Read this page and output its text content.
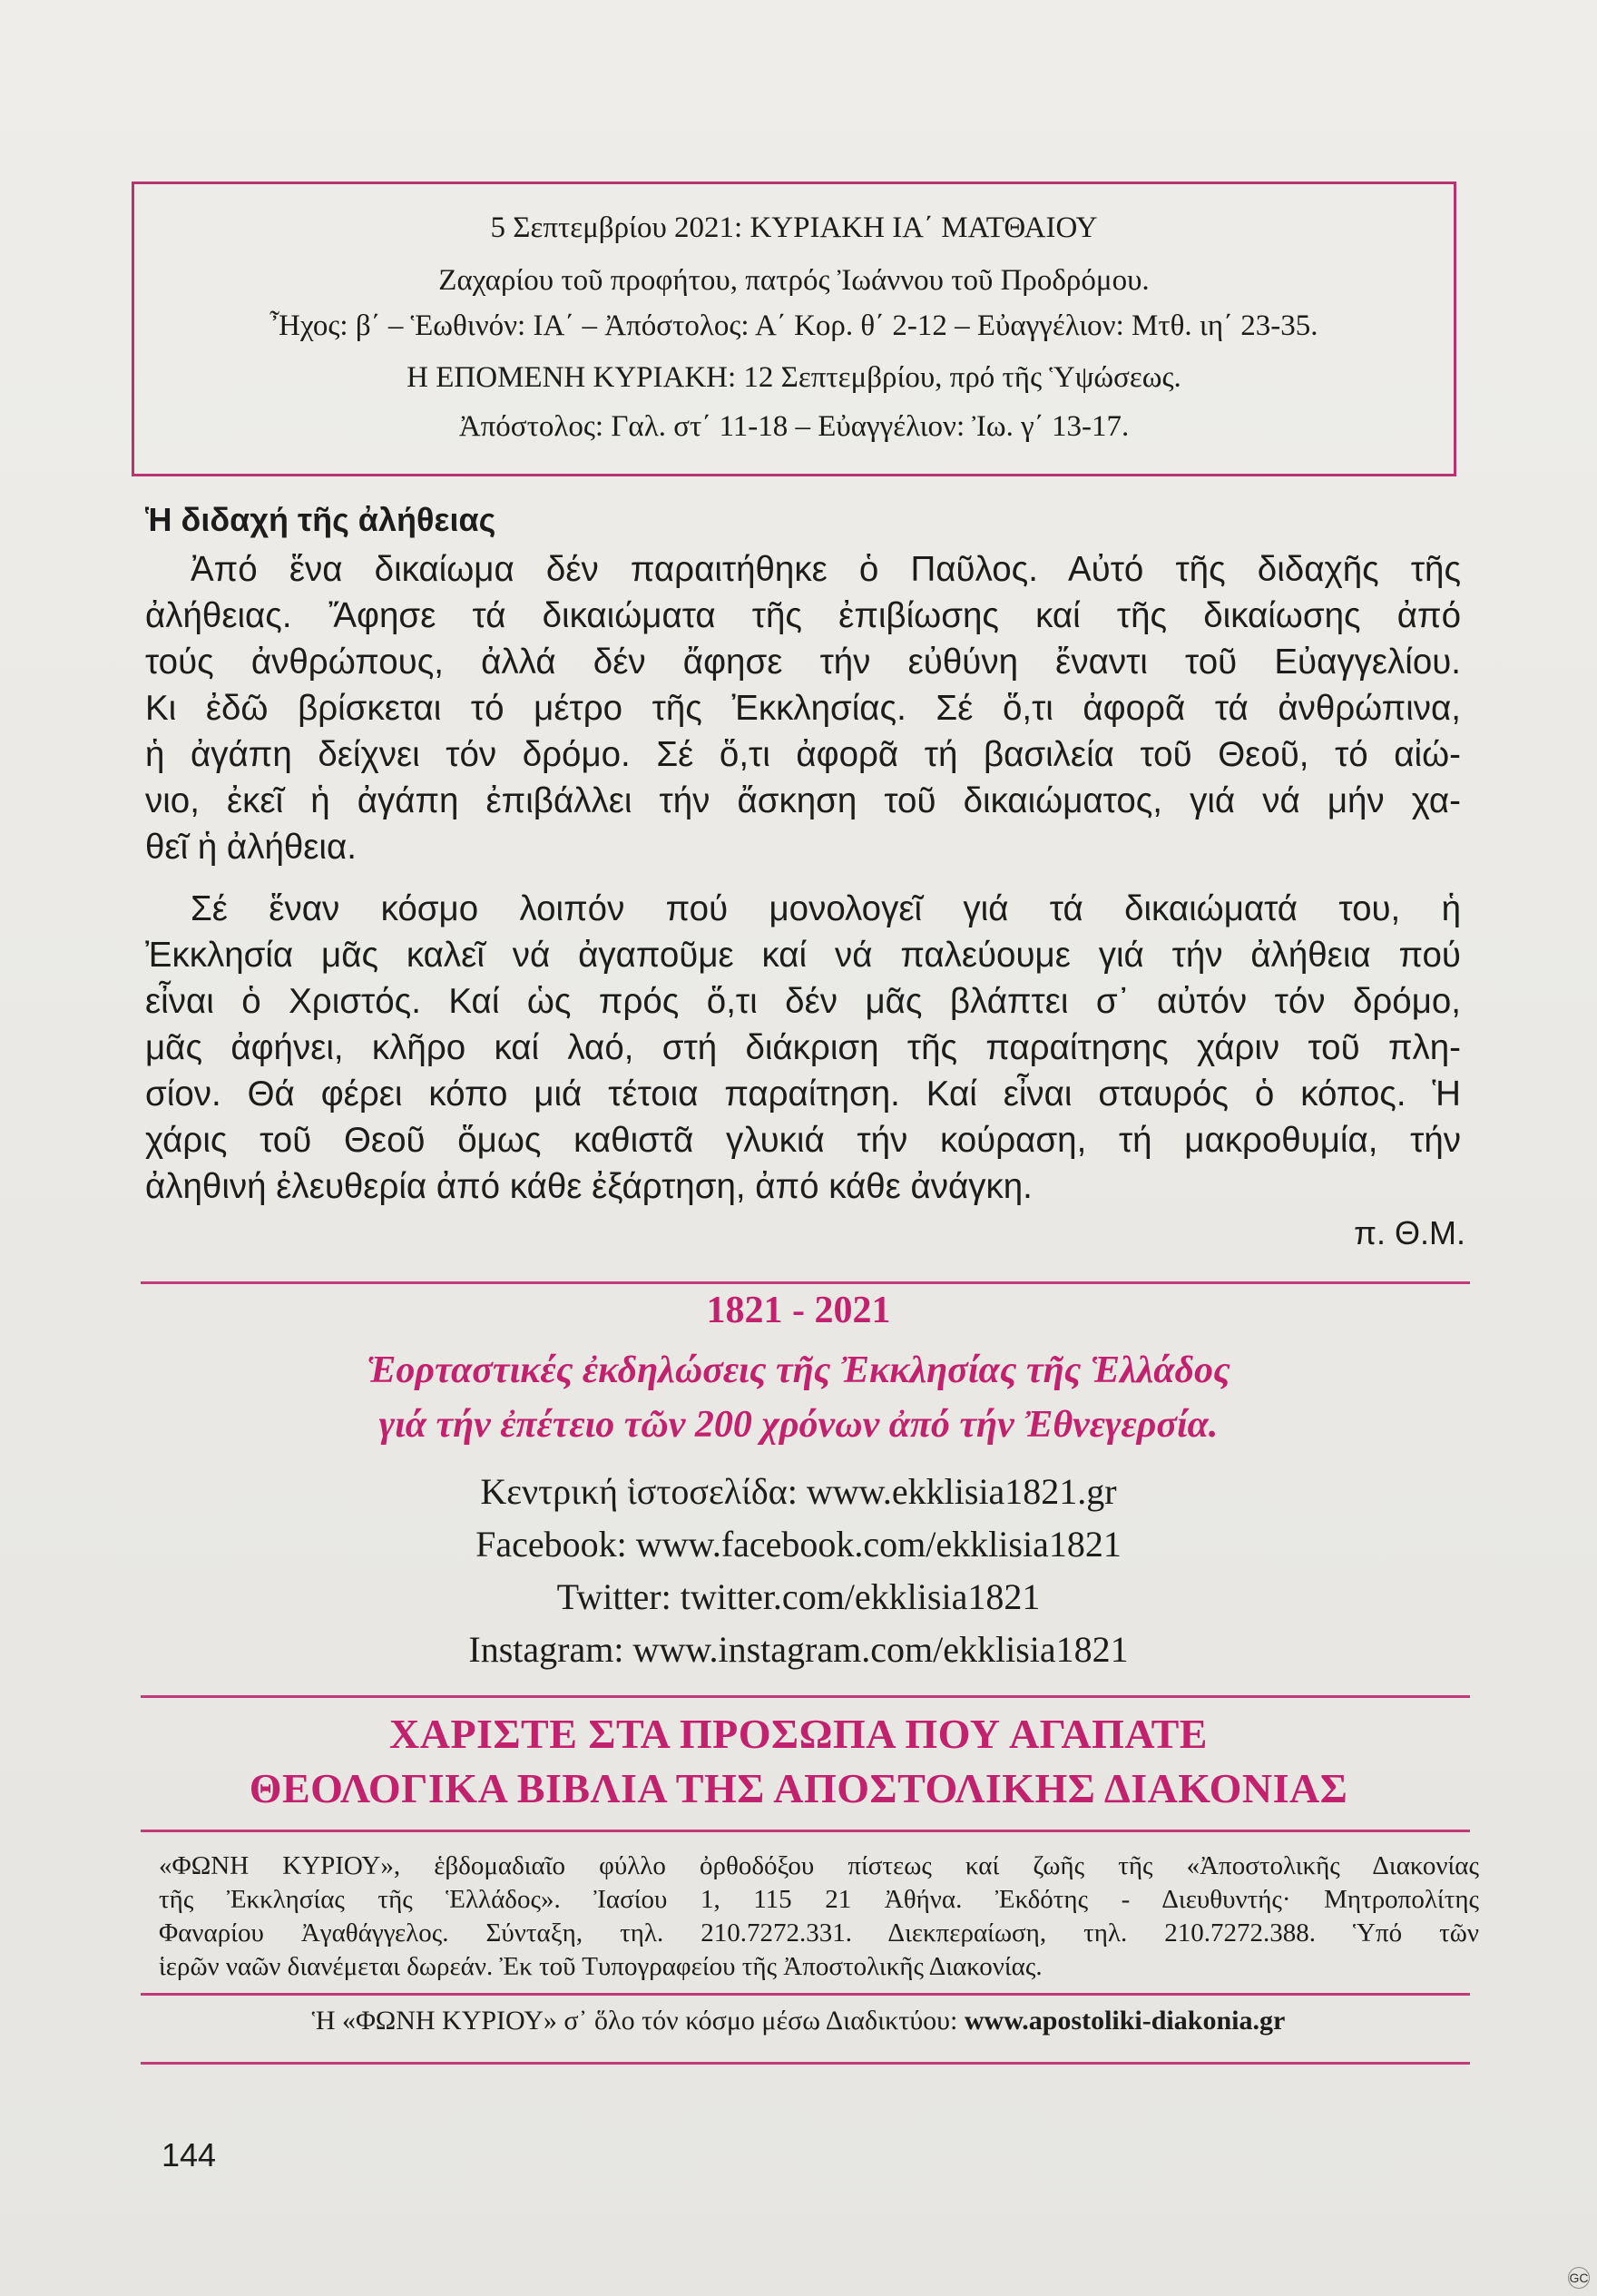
5 Σεπτεμβρίου 2021: ΚΥΡΙΑΚΗ ΙΑ΄ ΜΑΤΘΑΙΟΥ
Ζαχαρίου τοῦ προφήτου, πατρός Ἰωάννου τοῦ Προδρόμου.
Ἦχος: β΄ – Ἑωθινόν: ΙΑ΄ – Ἀπόστολος: Α΄ Κορ. θ΄ 2-12 – Εὐαγγέλιον: Μτθ. ιη΄ 23-35.
Η ΕΠΟΜΕΝΗ ΚΥΡΙΑΚΗ: 12 Σεπτεμβρίου, πρό τῆς Ὑψώσεως.
Ἀπόστολος: Γαλ. στ΄ 11-18 – Εὐαγγέλιον: Ἰω. γ΄ 13-17.
Ἡ διδαχή τῆς ἀλήθειας
Ἀπό ἕνα δικαίωμα δέν παραιτήθηκε ὁ Παῦλος. Αὐτό τῆς διδαχῆς τῆς
ἀλήθειας. Ἄφησε τά δικαιώματα τῆς ἐπιβίωσης καί τῆς δικαίωσης ἀπό
τούς ἀνθρώπους, ἀλλά δέν ἄφησε τήν εὐθύνη ἔναντι τοῦ Εὐαγγελίου.
Κι ἐδῶ βρίσκεται τό μέτρο τῆς Ἐκκλησίας. Σέ ὅ,τι ἀφορᾶ τά ἀνθρώπινα,
ἡ ἀγάπη δείχνει τόν δρόμο. Σέ ὅ,τι ἀφορᾶ τή βασιλεία τοῦ Θεοῦ, τό αἰώ-
νιο, ἐκεῖ ἡ ἀγάπη ἐπιβάλλει τήν ἄσκηση τοῦ δικαιώματος, γιά νά μήν χα-
θεῖ ἡ ἀλήθεια.
Σέ ἕναν κόσμο λοιπόν πού μονολογεῖ γιά τά δικαιώματά του, ἡ
Ἐκκλησία μᾶς καλεῖ νά ἀγαποῦμε καί νά παλεύουμε γιά τήν ἀλήθεια πού
εἶναι ὁ Χριστός. Καί ὡς πρός ὅ,τι δέν μᾶς βλάπτει σ᾽ αὐτόν τόν δρόμο,
μᾶς ἀφήνει, κλῆρο καί λαό, στή διάκριση τῆς παραίτησης χάριν τοῦ πλη-
σίον. Θά φέρει κόπο μιά τέτοια παραίτηση. Καί εἶναι σταυρός ὁ κόπος. Ἡ
χάρις τοῦ Θεοῦ ὅμως καθιστᾶ γλυκιά τήν κούραση, τή μακροθυμία, τήν
ἀληθινή ἐλευθερία ἀπό κάθε ἐξάρτηση, ἀπό κάθε ἀνάγκη.
π. Θ.Μ.
1821 - 2021
Ἑορταστικές ἐκδηλώσεις τῆς Ἐκκλησίας τῆς Ἑλλάδος
γιά τήν ἐπέτειο τῶν 200 χρόνων ἀπό τήν Ἐθνεγερσία.
Κεντρική ἱστοσελίδα: www.ekklisia1821.gr
Facebook: www.facebook.com/ekklisia1821
Twitter: twitter.com/ekklisia1821
Instagram: www.instagram.com/ekklisia1821
ΧΑΡΙΣΤΕ ΣΤΑ ΠΡΟΣΩΠΑ ΠΟΥ ΑΓΑΠΑΤΕ
ΘΕΟΛΟΓΙΚΑ ΒΙΒΛΙΑ ΤΗΣ ΑΠΟΣΤΟΛΙΚΗΣ ΔΙΑΚΟΝΙΑΣ
«ΦΩΝΗ ΚΥΡΙΟΥ», ἑβδομαδιαῖο φύλλο ὀρθοδόξου πίστεως καί ζωῆς τῆς «Ἀποστολικῆς Διακονίας
τῆς Ἐκκλησίας τῆς Ἑλλάδος». Ἰασίου 1, 115 21 Ἀθήνα. Ἐκδότης - Διευθυντής· Μητροπολίτης
Φαναρίου Ἀγαθάγγελος. Σύνταξη, τηλ. 210.7272.331. Διεκπεραίωση, τηλ. 210.7272.388. Ὑπό τῶν
ἱερῶν ναῶν διανέμεται δωρεάν. Ἐκ τοῦ Τυπογραφείου τῆς Ἀποστολικῆς Διακονίας.
Ἡ «ΦΩΝΗ ΚΥΡΙΟΥ» σ᾽ ὅλο τόν κόσμο μέσω Διαδικτύου: www.apostoliki-diakonia.gr
144
GC
